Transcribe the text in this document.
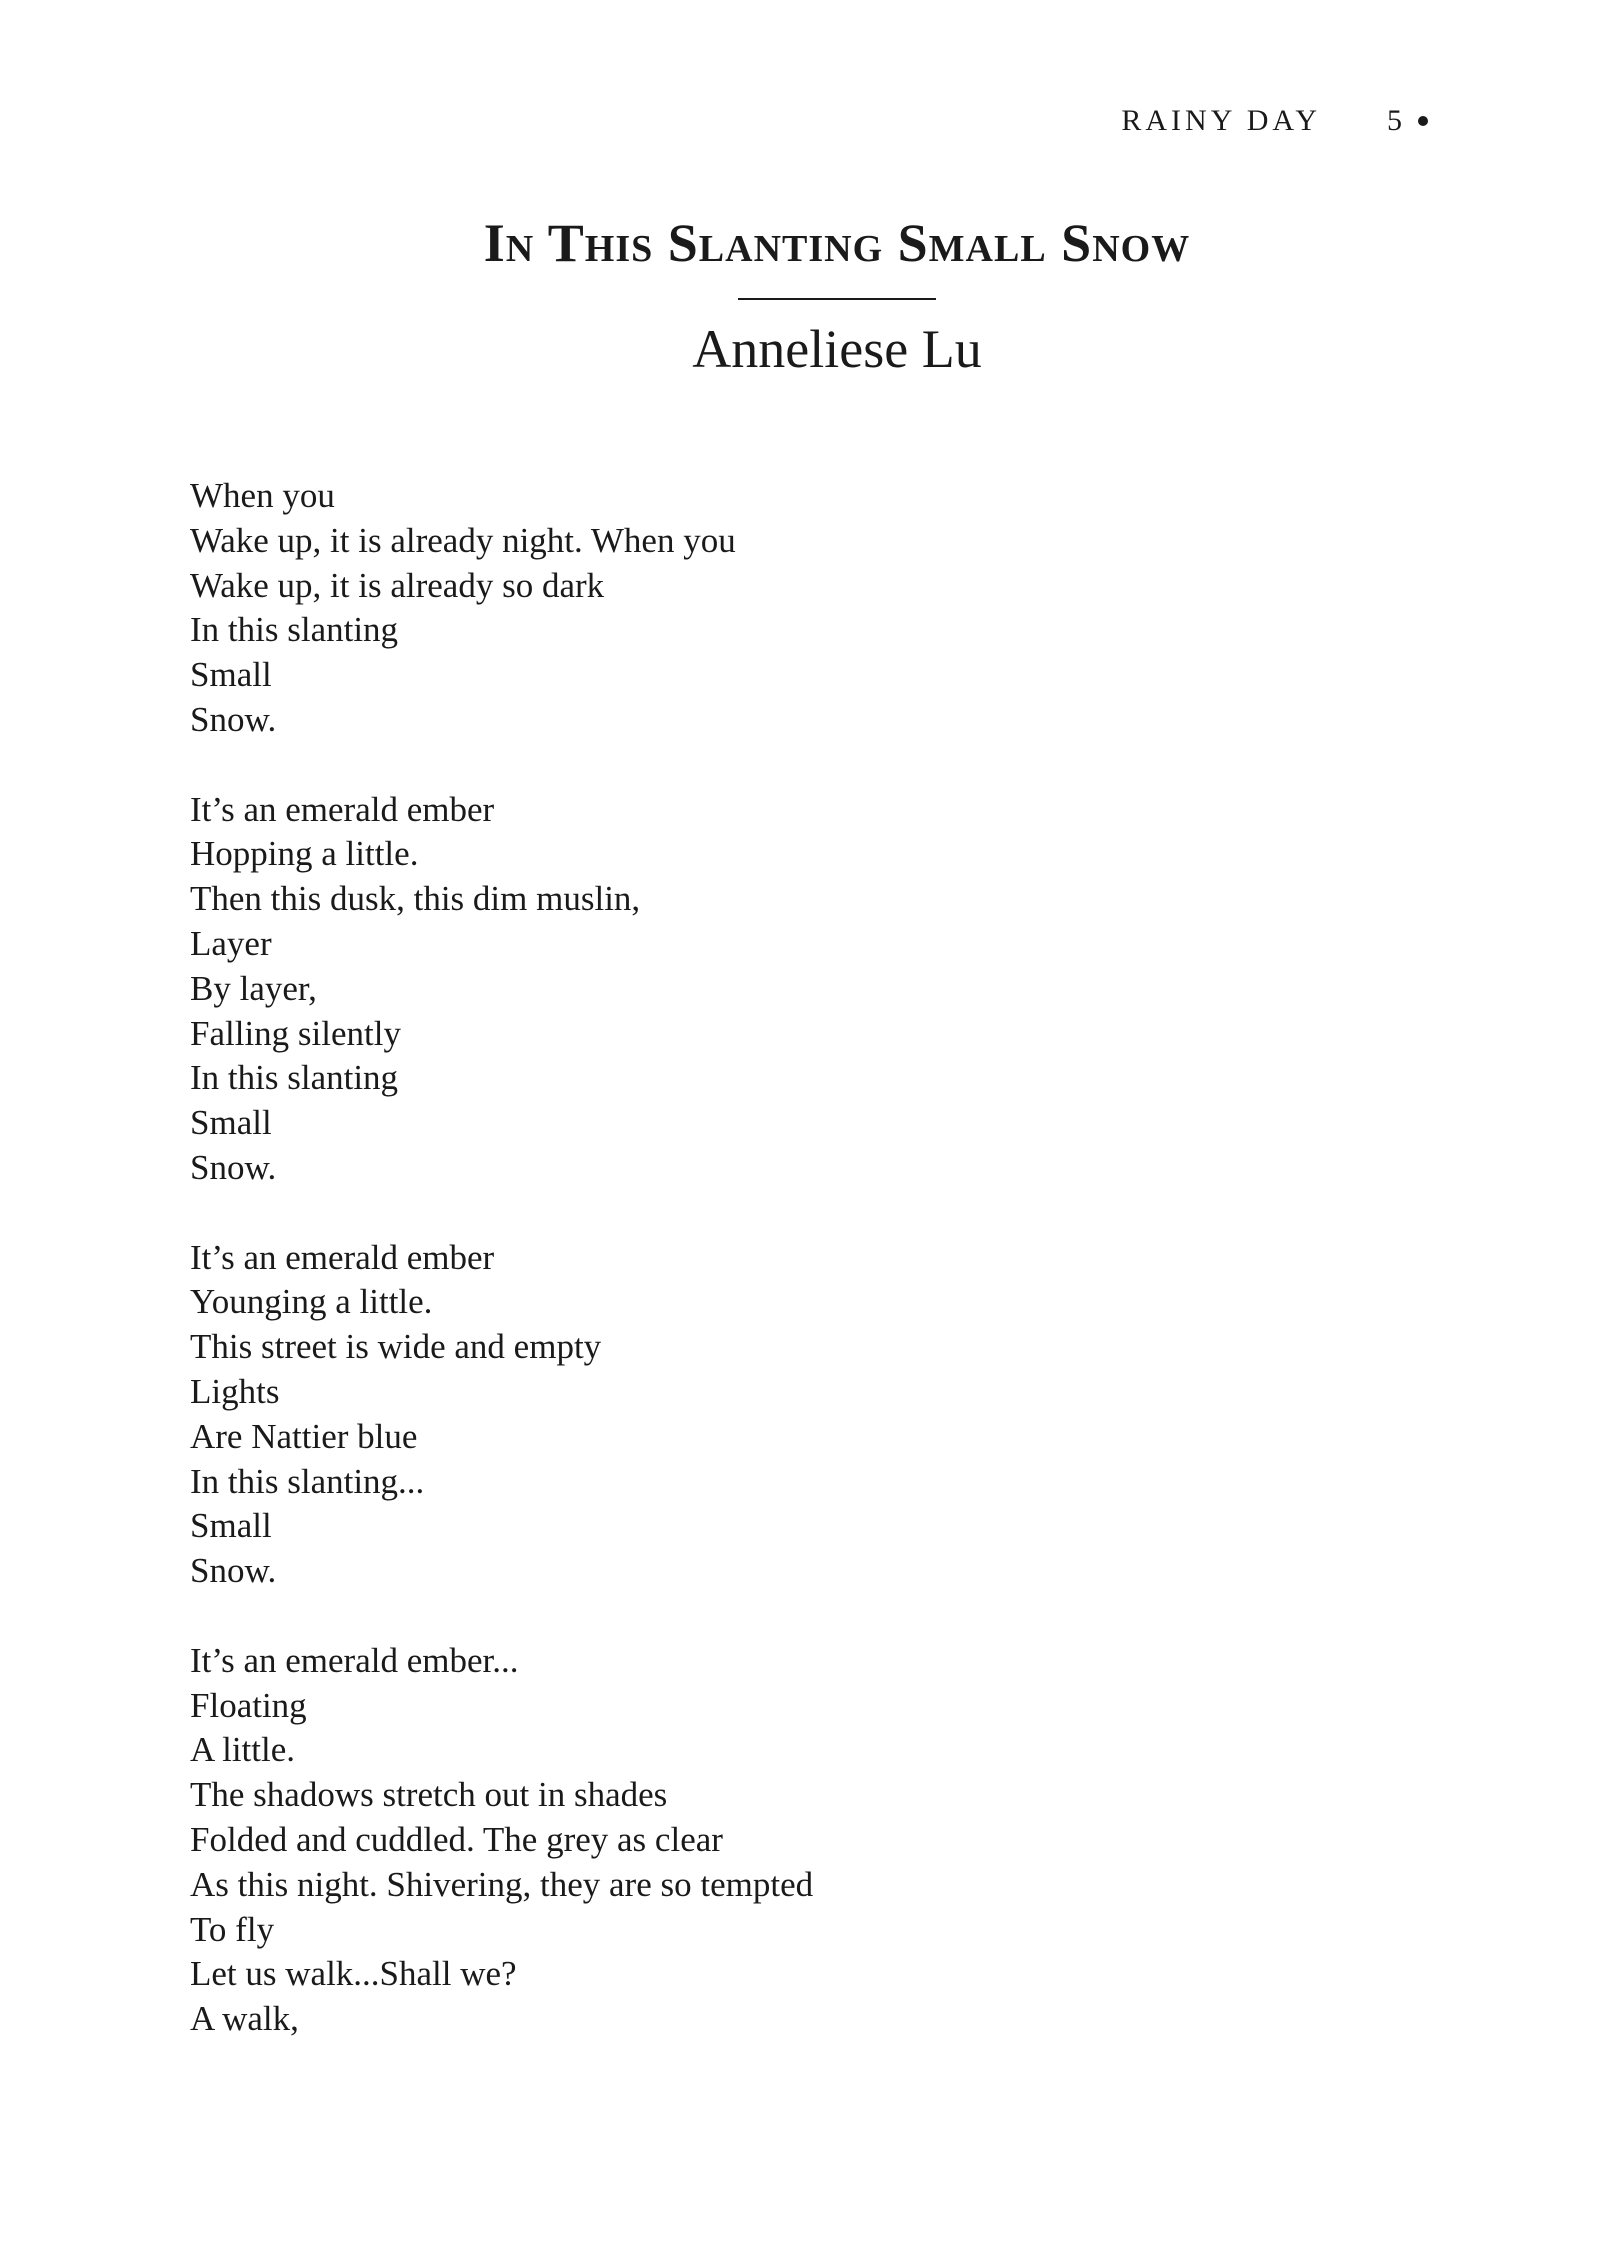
RAINY DAY 5
In This Slanting Small Snow
Anneliese Lu
When you
Wake up, it is already night. When you
Wake up, it is already so dark
In this slanting
Small
Snow.
It’s an emerald ember
Hopping a little.
Then this dusk, this dim muslin,
Layer
By layer,
Falling silently
In this slanting
Small
Snow.
It’s an emerald ember
Younging a little.
This street is wide and empty
Lights
Are Nattier blue
In this slanting...
Small
Snow.
It’s an emerald ember...
Floating
A little.
The shadows stretch out in shades
Folded and cuddled. The grey as clear
As this night. Shivering, they are so tempted
To fly
Let us walk...Shall we?
A walk,
